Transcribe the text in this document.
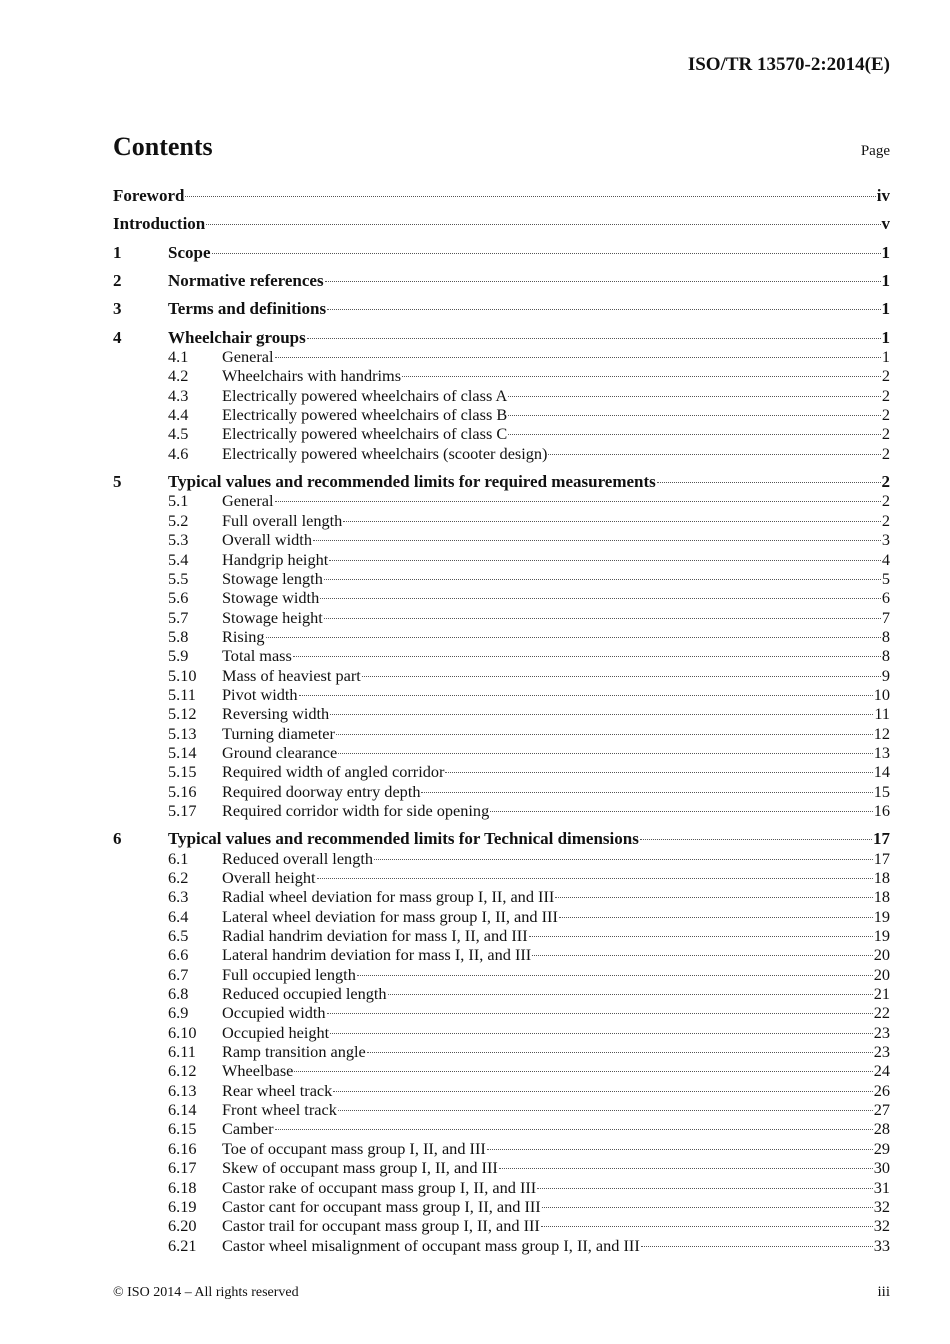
ISO/TR 13570-2:2014(E)
Contents	Page
Foreword	iv
Introduction	v
1	Scope	1
2	Normative references	1
3	Terms and definitions	1
4	Wheelchair groups	1
4.1	General	1
4.2	Wheelchairs with handrims	2
4.3	Electrically powered wheelchairs of class A	2
4.4	Electrically powered wheelchairs of class B	2
4.5	Electrically powered wheelchairs of class C	2
4.6	Electrically powered wheelchairs (scooter design)	2
5	Typical values and recommended limits for required measurements	2
5.1	General	2
5.2	Full overall length	2
5.3	Overall width	3
5.4	Handgrip height	4
5.5	Stowage length	5
5.6	Stowage width	6
5.7	Stowage height	7
5.8	Rising	8
5.9	Total mass	8
5.10	Mass of heaviest part	9
5.11	Pivot width	10
5.12	Reversing width	11
5.13	Turning diameter	12
5.14	Ground clearance	13
5.15	Required width of angled corridor	14
5.16	Required doorway entry depth	15
5.17	Required corridor width for side opening	16
6	Typical values and recommended limits for Technical dimensions	17
6.1	Reduced overall length	17
6.2	Overall height	18
6.3	Radial wheel deviation for mass group I, II, and III	18
6.4	Lateral wheel deviation for mass group I, II, and III	19
6.5	Radial handrim deviation for mass I, II, and III	19
6.6	Lateral handrim deviation for mass I, II, and III	20
6.7	Full occupied length	20
6.8	Reduced occupied length	21
6.9	Occupied width	22
6.10	Occupied height	23
6.11	Ramp transition angle	23
6.12	Wheelbase	24
6.13	Rear wheel track	26
6.14	Front wheel track	27
6.15	Camber	28
6.16	Toe of occupant mass group I, II, and III	29
6.17	Skew of occupant mass group I, II, and III	30
6.18	Castor rake of occupant mass group I, II, and III	31
6.19	Castor cant for occupant mass group I, II, and III	32
6.20	Castor trail for occupant mass group I, II, and III	32
6.21	Castor wheel misalignment of occupant mass group I, II, and III	33
© ISO 2014 – All rights reserved	iii
